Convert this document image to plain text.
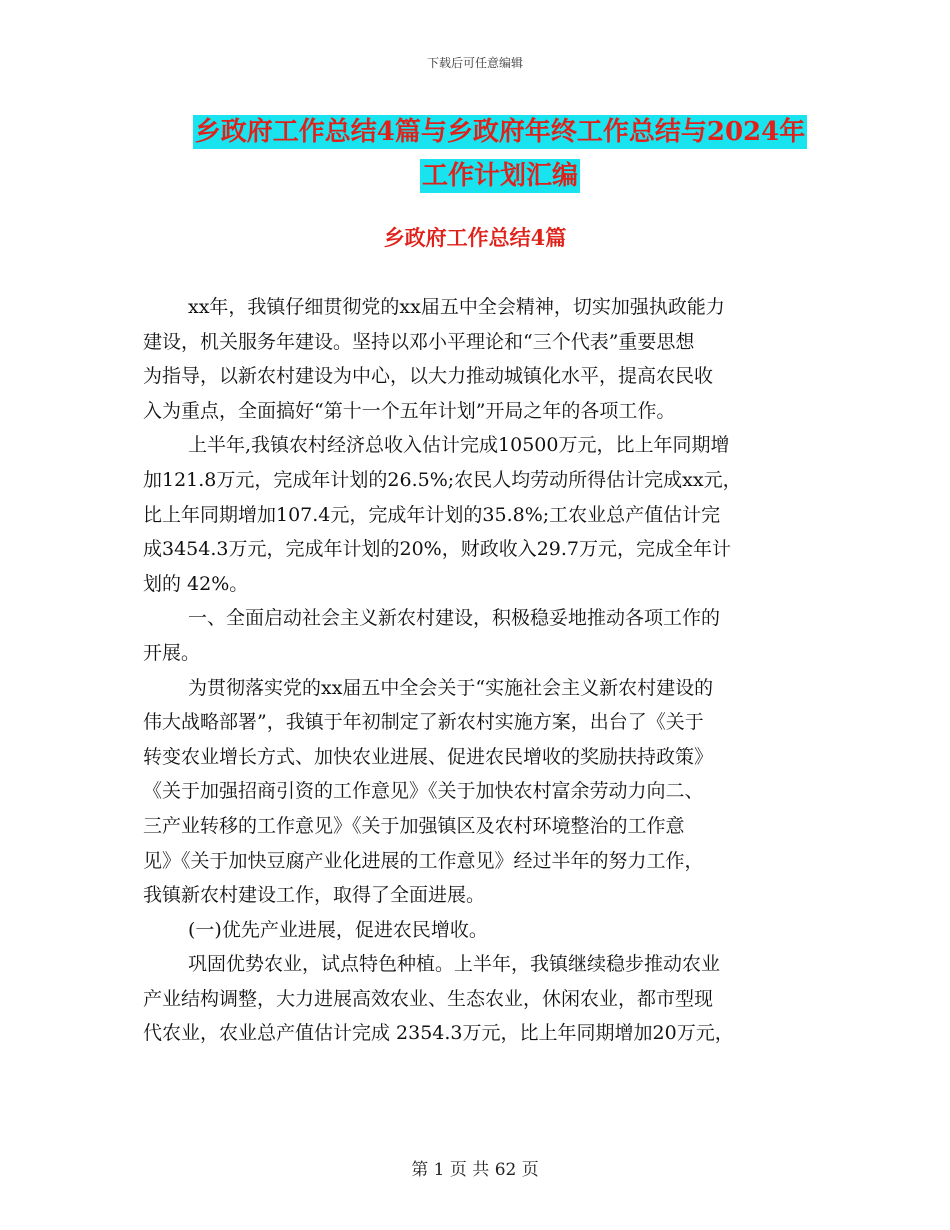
下载后可任意编辑
乡政府工作总结4篇与乡政府年终工作总结与2024年
工作计划汇编
乡政府工作总结4篇
xx年，我镇仔细贯彻党的xx届五中全会精神，切实加强执政能力
建设，机关服务年建设。坚持以邓小平理论和“三个代表”重要思想
为指导，以新农村建设为中心，以大力推动城镇化水平，提高农民收
入为重点，全面搞好“第十一个五年计划”开局之年的各项工作。
上半年,我镇农村经济总收入估计完成10500万元，比上年同期增
加121.8万元，完成年计划的26.5%;农民人均劳动所得估计完成xx元，
比上年同期增加107.4元，完成年计划的35.8%;工农业总产值估计完
成3454.3万元，完成年计划的20%，财政收入29.7万元，完成全年计
划的 42%。
一、全面启动社会主义新农村建设，积极稳妥地推动各项工作的
开展。
为贯彻落实党的xx届五中全会关于“实施社会主义新农村建设的
伟大战略部署”，我镇于年初制定了新农村实施方案，出台了《关于
转变农业增长方式、加快农业进展、促进农民增收的奖励扶持政策》
《关于加强招商引资的工作意见》《关于加快农村富余劳动力向二、
三产业转移的工作意见》《关于加强镇区及农村环境整治的工作意
见》《关于加快豆腐产业化进展的工作意见》经过半年的努力工作，
我镇新农村建设工作，取得了全面进展。
(一)优先产业进展，促进农民增收。
巩固优势农业，试点特色种植。上半年，我镇继续稳步推动农业
产业结构调整，大力进展高效农业、生态农业，休闲农业，都市型现
代农业，农业总产值估计完成 2354.3万元，比上年同期增加20万元，
第 1 页 共 62 页
